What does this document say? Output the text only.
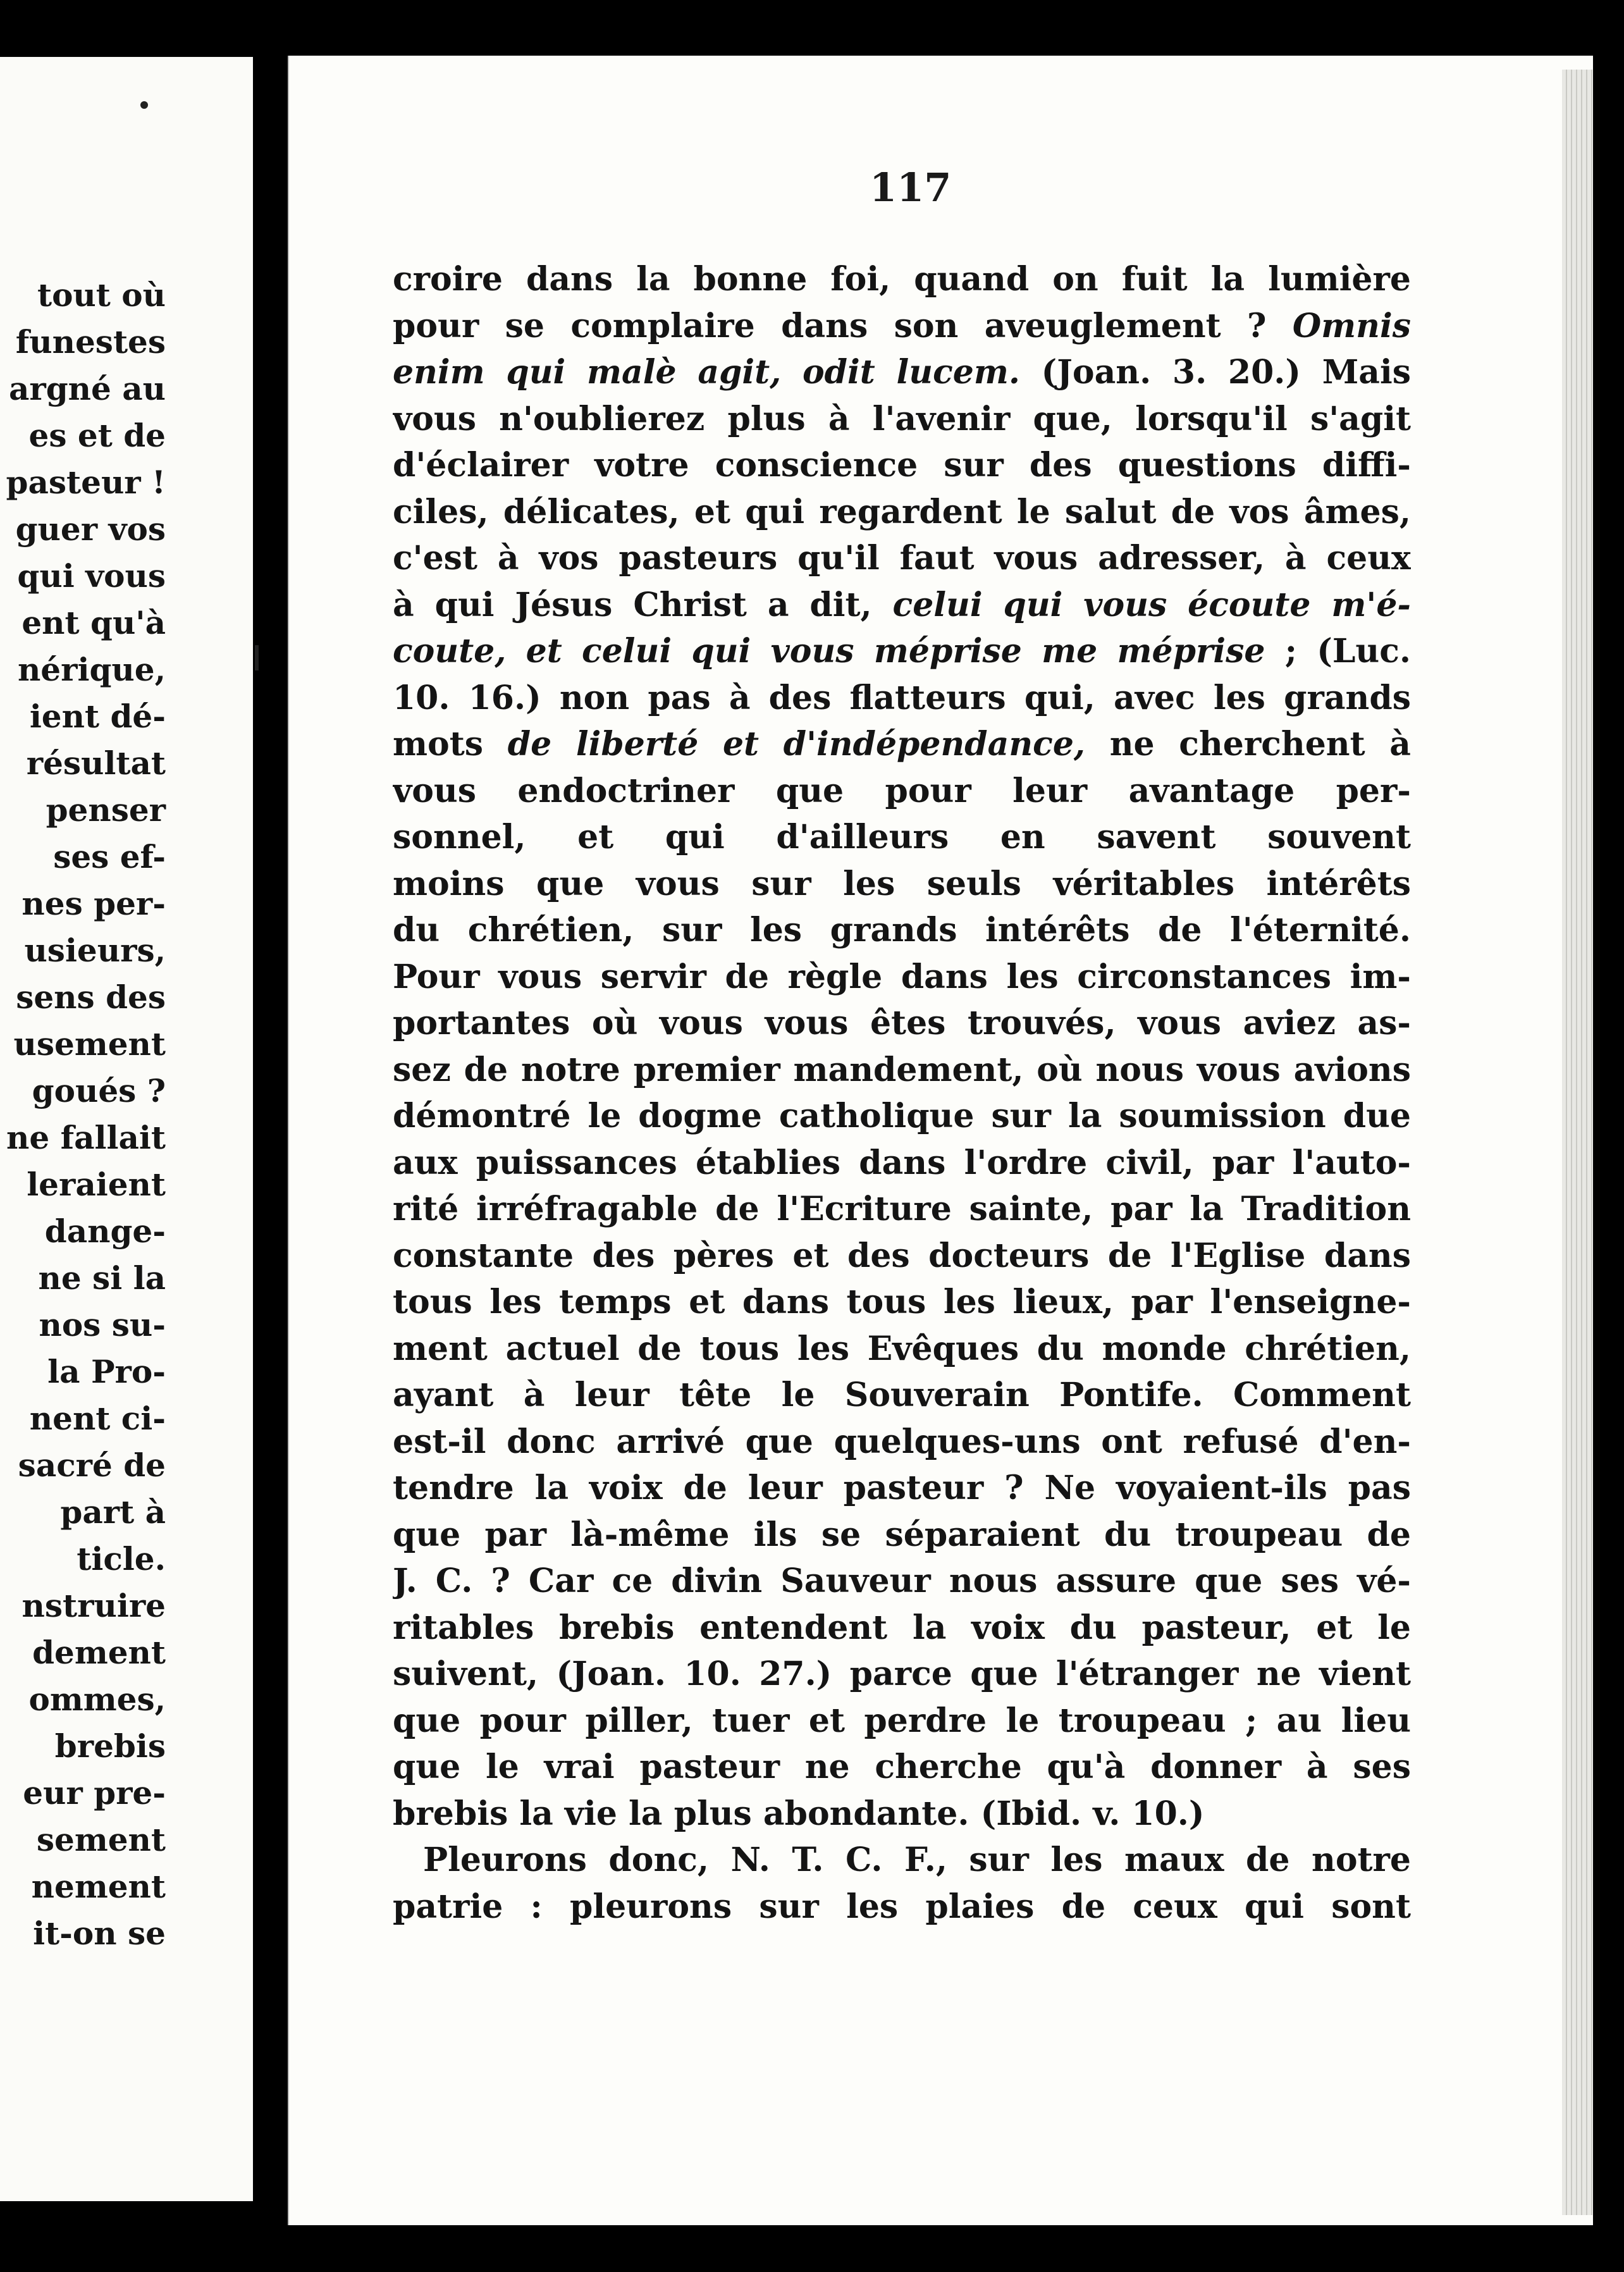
tout où
funestes
argné au
es et de
pasteur !
guer vos
qui vous
ent qu'à
nérique,
ient dé-
résultat
penser
ses ef-
nes per-
usieurs,
sens des
usement
goués ?
ne fallait
leraient
dange-
ne si la
nos su-
la Pro-
nent ci-
sacré de
part à
ticle.
nstruire
dement
ommes,
brebis
eur pre-
sement
nement
it-on se
117
croire dans la bonne foi, quand on fuit la lumière
pour se complaire dans son aveuglement ? Omnis
enim qui malè agit, odit lucem. (Joan. 3. 20.) Mais
vous n'oublierez plus à l'avenir que, lorsqu'il s'agit
d'éclairer votre conscience sur des questions diffi-
ciles, délicates, et qui regardent le salut de vos âmes,
c'est à vos pasteurs qu'il faut vous adresser, à ceux
à qui Jésus Christ a dit, celui qui vous écoute m'é-
coute, et celui qui vous méprise me méprise ; (Luc.
10. 16.) non pas à des flatteurs qui, avec les grands
mots de liberté et d'indépendance, ne cherchent à
vous endoctriner que pour leur avantage per-
sonnel, et qui d'ailleurs en savent souvent
moins que vous sur les seuls véritables intérêts
du chrétien, sur les grands intérêts de l'éternité.
Pour vous servir de règle dans les circonstances im-
portantes où vous vous êtes trouvés, vous aviez as-
sez de notre premier mandement, où nous vous avions
démontré le dogme catholique sur la soumission due
aux puissances établies dans l'ordre civil, par l'auto-
rité irréfragable de l'Ecriture sainte, par la Tradition
constante des pères et des docteurs de l'Eglise dans
tous les temps et dans tous les lieux, par l'enseigne-
ment actuel de tous les Evêques du monde chrétien,
ayant à leur tête le Souverain Pontife. Comment
est-il donc arrivé que quelques-uns ont refusé d'en-
tendre la voix de leur pasteur ? Ne voyaient-ils pas
que par là-même ils se séparaient du troupeau de
J. C. ? Car ce divin Sauveur nous assure que ses vé-
ritables brebis entendent la voix du pasteur, et le
suivent, (Joan. 10. 27.) parce que l'étranger ne vient
que pour piller, tuer et perdre le troupeau ; au lieu
que le vrai pasteur ne cherche qu'à donner à ses
brebis la vie la plus abondante. (Ibid. v. 10.)
Pleurons donc, N. T. C. F., sur les maux de notre
patrie : pleurons sur les plaies de ceux qui sont
